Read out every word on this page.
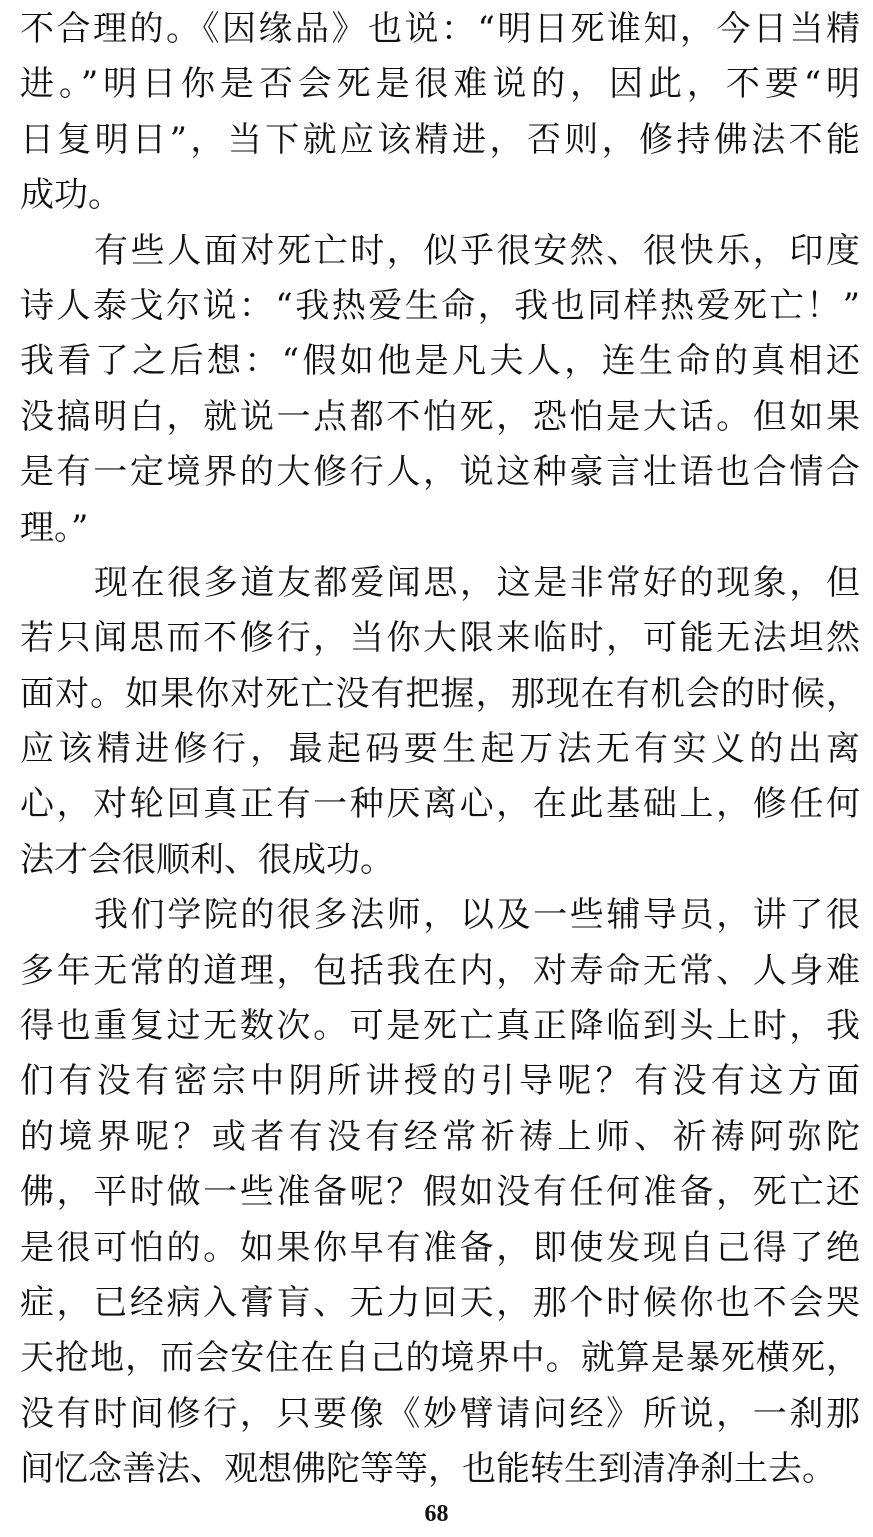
不合理的。《因缘品》也说：“明日死谁知，今日当精
进。”明日你是否会死是很难说的，因此，不要“明
日复明日”，当下就应该精进，否则，修持佛法不能
成功。
有些人面对死亡时，似乎很安然、很快乐，印度
诗人泰戈尔说：“我热爱生命，我也同样热爱死亡！”
我看了之后想：“假如他是凡夫人，连生命的真相还
没搞明白，就说一点都不怕死，恐怕是大话。但如果
是有一定境界的大修行人，说这种豪言壮语也合情合
理。”
现在很多道友都爱闻思，这是非常好的现象，但
若只闻思而不修行，当你大限来临时，可能无法坦然
面对。如果你对死亡没有把握，那现在有机会的时候，
应该精进修行，最起码要生起万法无有实义的出离
心，对轮回真正有一种厌离心，在此基础上，修任何
法才会很顺利、很成功。
我们学院的很多法师，以及一些辅导员，讲了很
多年无常的道理，包括我在内，对寿命无常、人身难
得也重复过无数次。可是死亡真正降临到头上时，我
们有没有密宗中阴所讲授的引导呢？有没有这方面
的境界呢？或者有没有经常祈祷上师、祈祷阿弥陀
佛，平时做一些准备呢？假如没有任何准备，死亡还
是很可怕的。如果你早有准备，即使发现自己得了绝
症，已经病入膏肓、无力回天，那个时候你也不会哭
天抢地，而会安住在自己的境界中。就算是暴死横死，
没有时间修行，只要像《妙臂请问经》所说，一刹那
间忆念善法、观想佛陀等等，也能转生到清净刹土去。
68
